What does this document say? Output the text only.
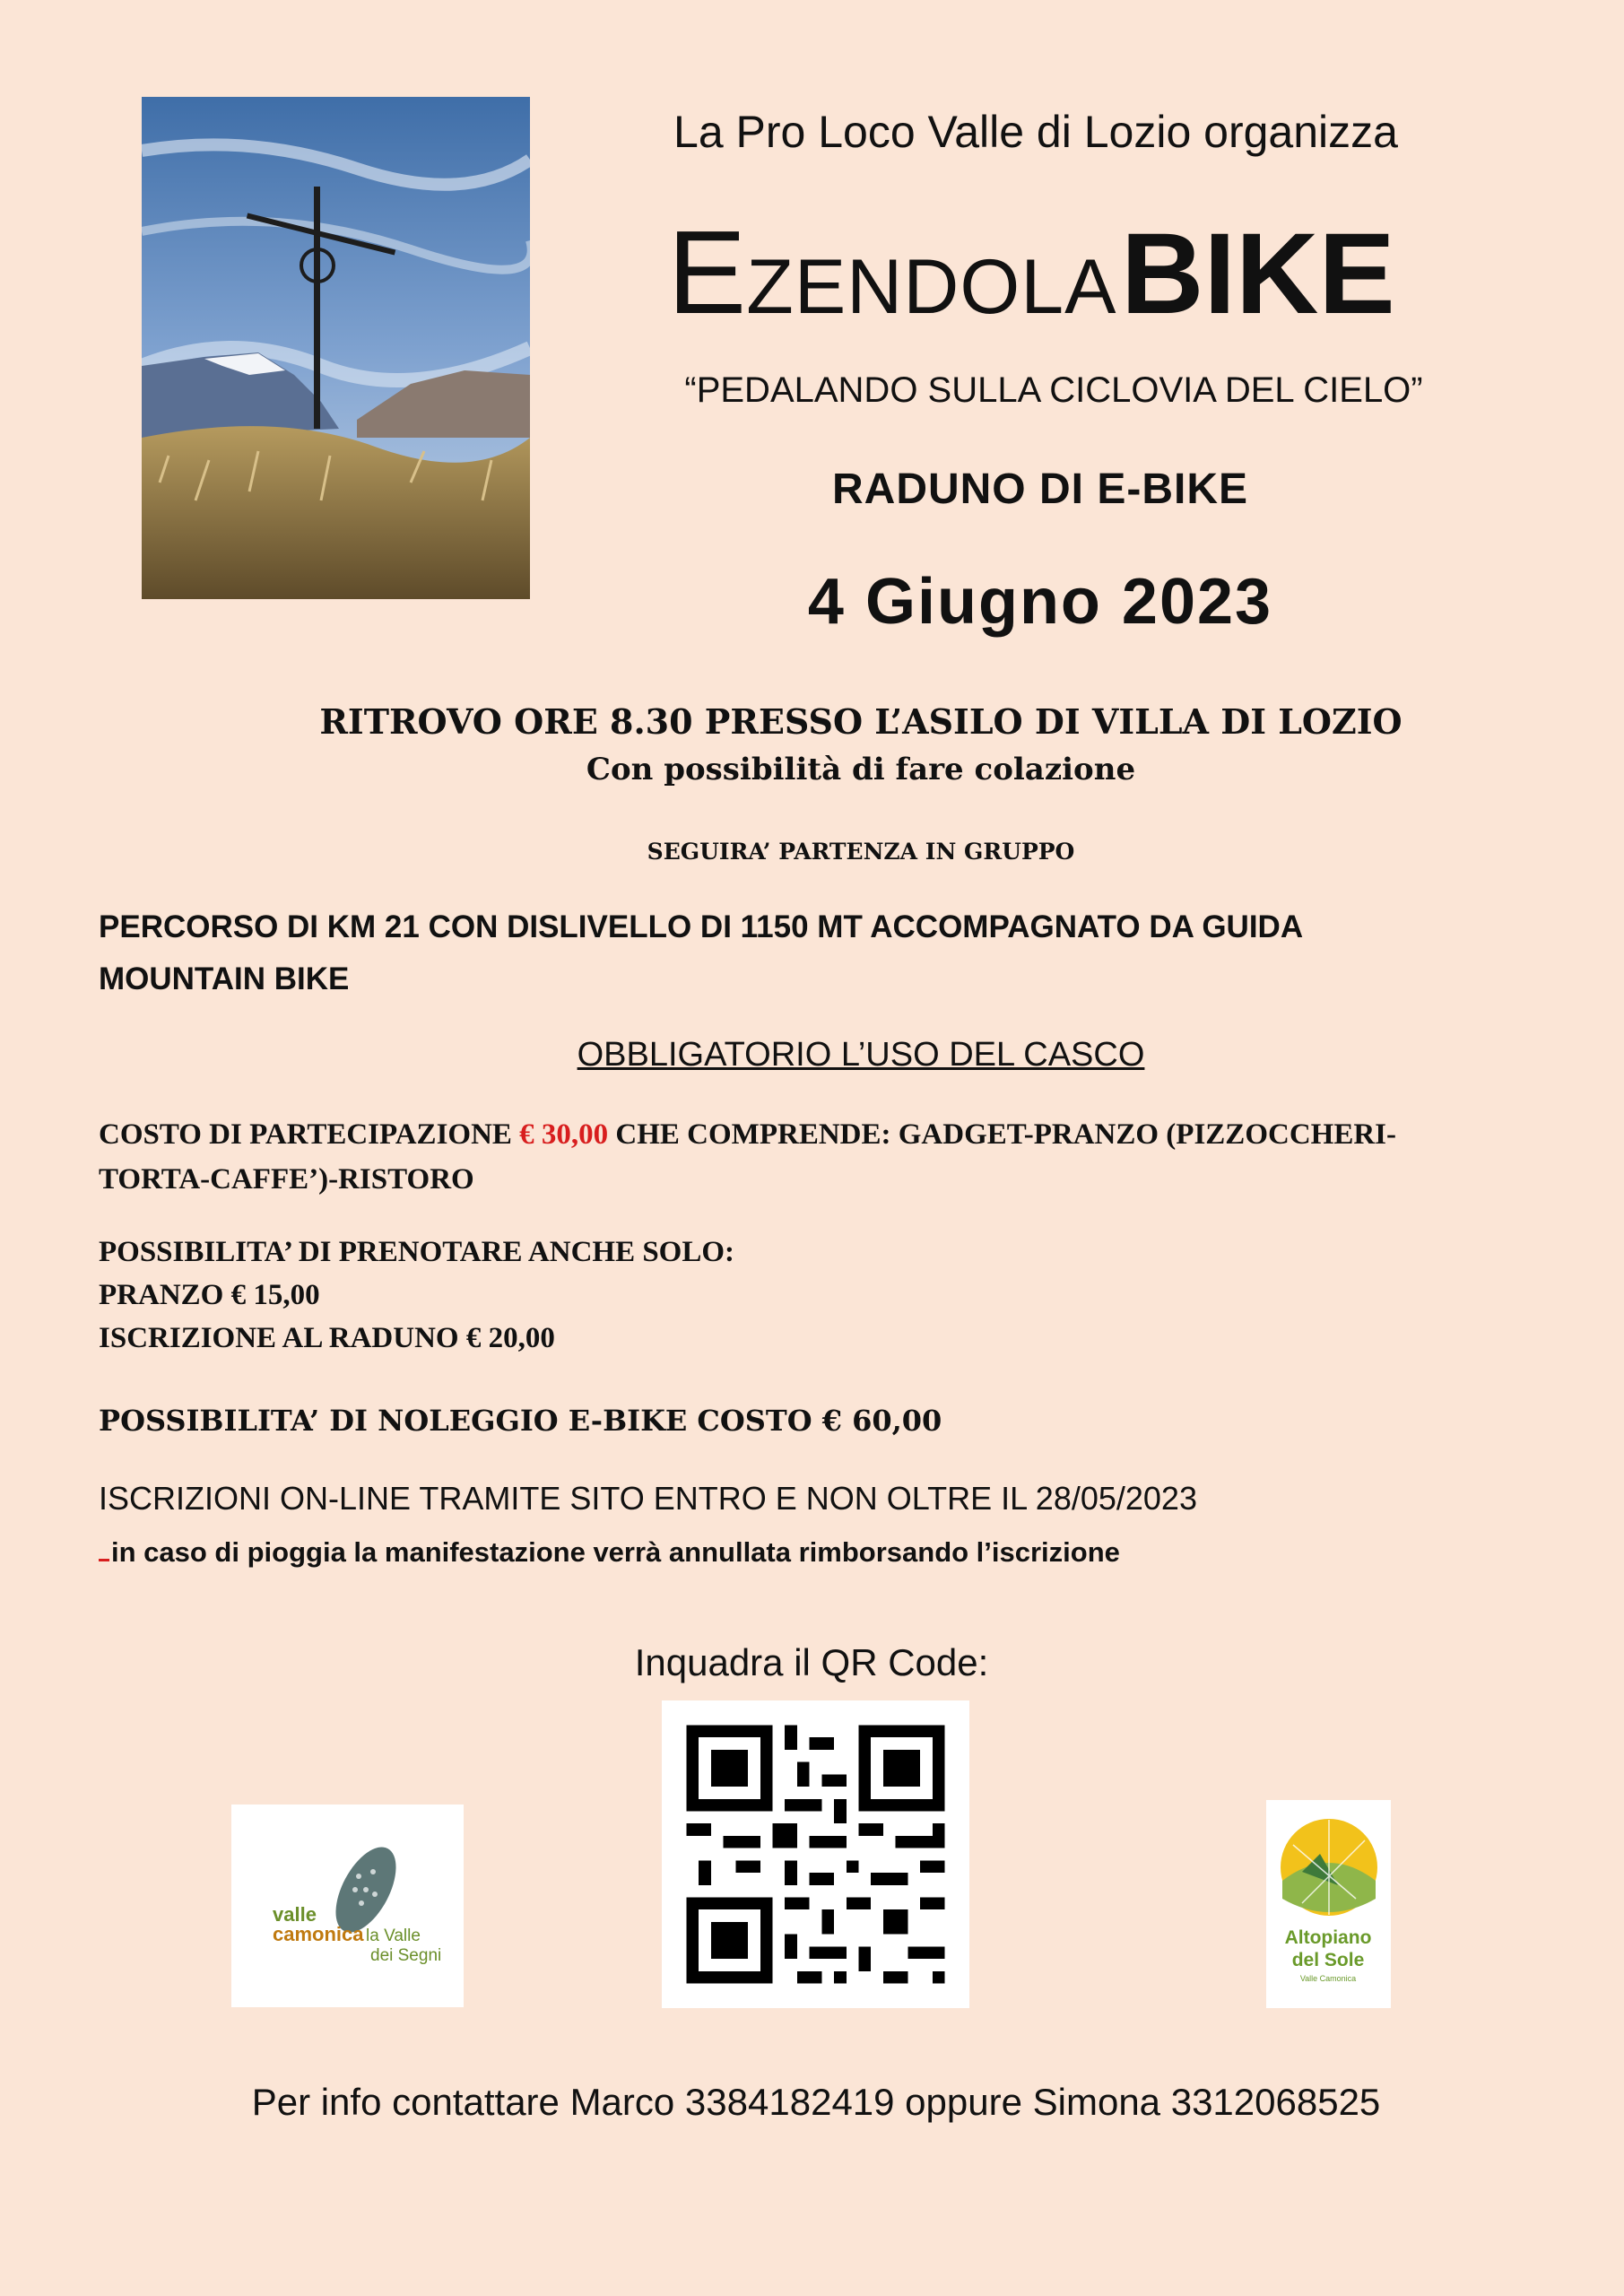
La Pro Loco Valle di Lozio organizza
EZENDOLA BIKE
“PEDALANDO SULLA CICLOVIA DEL CIELO”
RADUNO DI E-BIKE
4 Giugno 2023
RITROVO ORE 8.30 PRESSO L’ASILO DI VILLA DI LOZIO
Con possibilità di fare colazione
SEGUIRA’ PARTENZA IN GRUPPO
PERCORSO DI KM 21 CON DISLIVELLO DI 1150 MT ACCOMPAGNATO DA GUIDA
MOUNTAIN BIKE
OBBLIGATORIO L’USO DEL CASCO
COSTO DI PARTECIPAZIONE € 30,00 CHE COMPRENDE: GADGET-PRANZO (PIZZOCCHERI-
TORTA-CAFFE’)-RISTORO
POSSIBILITA’ DI PRENOTARE ANCHE SOLO:
PRANZO € 15,00
ISCRIZIONE AL RADUNO € 20,00
POSSIBILITA’ DI NOLEGGIO E-BIKE COSTO € 60,00
ISCRIZIONI ON-LINE TRAMITE SITO ENTRO E NON OLTRE IL 28/05/2023
in caso di pioggia la manifestazione verrà annullata rimborsando l’iscrizione
Inquadra il QR Code:
valle
camonica la Valle
dei Segni
Altopiano
del Sole
Valle Camonica
Per info contattare Marco 3384182419 oppure Simona 3312068525
